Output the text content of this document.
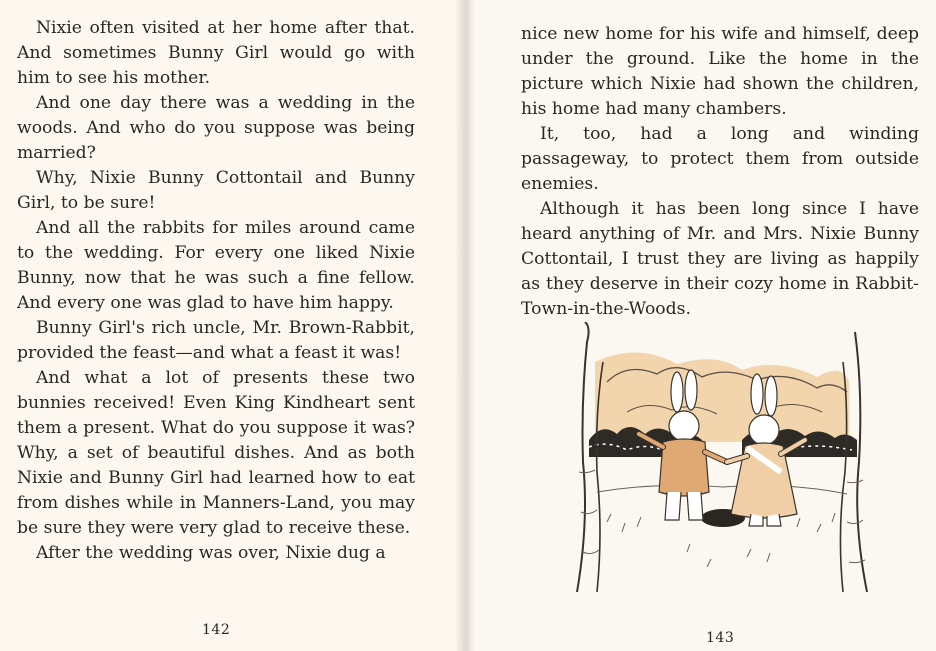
Nixie often visited at her home after that. And sometimes Bunny Girl would go with him to see his mother.

And one day there was a wedding in the woods. And who do you suppose was being married?

Why, Nixie Bunny Cottontail and Bunny Girl, to be sure!

And all the rabbits for miles around came to the wedding. For every one liked Nixie Bunny, now that he was such a fine fellow. And every one was glad to have him happy.

Bunny Girl's rich uncle, Mr. Brown-Rabbit, provided the feast—and what a feast it was!

And what a lot of presents these two bunnies received! Even King Kindheart sent them a present. What do you suppose it was? Why, a set of beautiful dishes. And as both Nixie and Bunny Girl had learned how to eat from dishes while in Manners-Land, you may be sure they were very glad to receive these.

After the wedding was over, Nixie dug a

142

nice new home for his wife and himself, deep under the ground. Like the home in the picture which Nixie had shown the children, his home had many chambers.

It, too, had a long and winding passageway, to protect them from outside enemies.

Although it has been long since I have heard anything of Mr. and Mrs. Nixie Bunny Cottontail, I trust they are living as happily as they deserve in their cozy home in Rabbit-Town-in-the-Woods.

143
